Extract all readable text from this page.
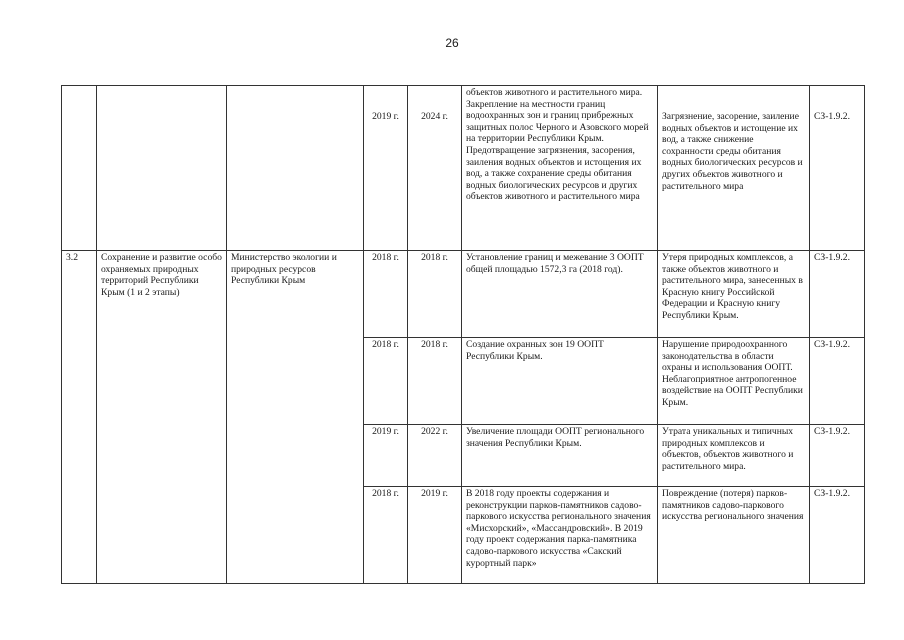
26

			2019 г.	2024 г.	объектов животного и растительного мира. Закрепление на местности границ водоохранных зон и границ прибрежных защитных полос Черного и Азовского морей на территории Республики Крым. Предотвращение загрязнения, засорения, заиления водных объектов и истощения их вод, а также сохранение среды обитания водных биологических ресурсов и других объектов животного и растительного мира	Загрязнение, засорение, заиление водных объектов и истощение их вод, а также снижение сохранности среды обитания водных биологических ресурсов и других объектов животного и растительного мира	СЗ-1.9.2.

3.2	Сохранение и развитие особо охраняемых природных территорий Республики Крым (1 и 2 этапы)	Министерство экологии и природных ресурсов Республики Крым	2018 г.	2018 г.	Установление границ и межевание 3 ООПТ общей площадью 1572,3 га (2018 год).	Утеря природных комплексов, а также объектов животного и растительного мира, занесенных в Красную книгу Российской Федерации и Красную книгу Республики Крым.	СЗ-1.9.2.
			2018 г.	2018 г.	Создание охранных зон 19 ООПТ Республики Крым.	Нарушение природоохранного законодательства в области охраны и использования ООПТ. Неблагоприятное антропогенное воздействие на ООПТ Республики Крым.	СЗ-1.9.2.
			2019 г.	2022 г.	Увеличение площади ООПТ регионального значения Республики Крым.	Утрата уникальных и типичных природных комплексов и объектов, объектов животного и растительного мира.	СЗ-1.9.2.
			2018 г.	2019 г.	В 2018 году проекты содержания и реконструкции парков-памятников садово-паркового искусства регионального значения «Мисхорский», «Массандровский». В 2019 году проект содержания парка-памятника садово-паркового искусства «Сакский курортный парк»	Повреждение (потеря) парков-памятников садово-паркового искусства регионального значения	СЗ-1.9.2.
